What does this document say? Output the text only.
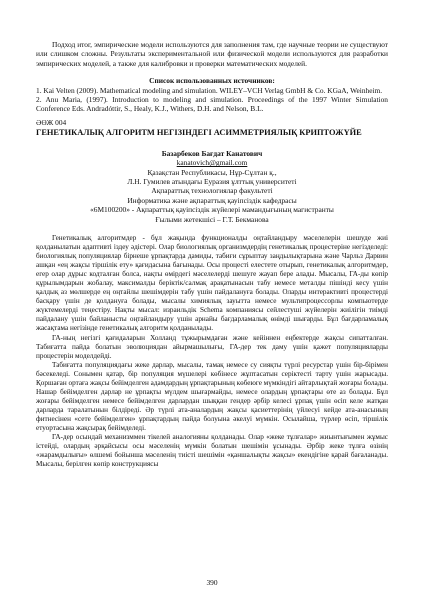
Подход итог, эмпирические модели используются для заполнения там, где научные теории не существуют или слишком сложны. Результаты экспериментальной или физической модели используются для разработки эмпирических моделей, а также для калибровки и проверки математических моделей.

Список использованных источников:

1. Kai Velten (2009). Mathematical modeling and simulation. WILEY–VCH Verlag GmbH & Co. KGaA, Weinheim.

2. Anu Maria, (1997). Introduction to modeling and simulation. Proceedings of the 1997 Winter Simulation Conference Eds. Andradóttir, S., Healy, K.J., Withers, D.H. and Nelson, B.L.

ӘӨЖ 004

ГЕНЕТИКАЛЫҚ АЛГОРИТМ НЕГІЗІНДЕГІ АСИММЕТРИЯЛЫҚ КРИПТОЖҮЙЕ

Базарбеков Бағдат Канатович
kanatovich@gmail.com
Қазақстан Республикасы, Нұр-Сұлтан қ.,
Л.Н. Гумилев атындағы Еуразия ұлттық университеті
Ақпараттық технологиялар факультеті
Информатика және ақпараттық қауіпсіздік кафедрасы
«6М100200» - Ақпараттық қауіпсіздік жүйелері мамандығының магистранты
Ғылыми жетекшісі – Г.Т. Бекманова

Генетикалық алгоритмдер - бұл жақында функционалды оңтайландыру мәселелерін шешуде жиі қолданылатын адаптивті іздеу әдістері. Олар биологиялық организмдердің генетикалық процестеріне негізделеді: биологиялық популяциялар бірнеше ұрпақтарда дамиды, табиғи сұрыптау заңдылықтарына және Чарльз Дарвин ашқан «ең жақсы тіршілік ету» қағидасына бағынады. Осы процесті елестете отырып, генетикалық алгоритмдер, егер олар дұрыс кодталған болса, нақты өмірдегі мәселелерді шешуге жауап бере алады. Мысалы, ГА-ды көпір құрылымдарын жобалау, максималды беріктік/салмақ арақатынасын табу немесе металды пішінді кесу үшін қалдық аз мөлшерде ең оңтайлы шешімдерін табу үшін пайдалануға болады. Оларды интерактивті процестерді басқару үшін де қолдануға болады, мысалы химиялық зауытта немесе мультипроцессорлы компьютерде жүктемелерді теңестіру. Нақты мысал: израильдік Schema компаниясы сейлестуші жүйелерін жиілігін тиімді пайдалану үшін байланысты оңтайландыру үшін арнайы бағдарламалық өнімді шығарды. Бұл бағдарламалық жасақтама негізінде генетикалық алгоритм қолданылады.

ГА-ның негізгі қағидаларын Холланд тұжырымдаған және кейіннен еңбектерде жақсы сипатталған. Табиғатта пайда болатын эволюциядан айырмашылығы, ГА-дер тек даму үшін қажет популяцияларды процестерін моделдейді.

Табиғатта популяциядағы жеке дарлар, мысалы, тамақ немесе су сияқты түрлі ресурстар үшін бір-бірімен бәсекеледі. Сонымен қатар, бір популяция мүшелері көбінесе жұптасатын серіктесті тарту үшін жарысады. Қоршаған ортаға жақсы бейімделген адамдардың ұрпақтарының көбеюге мүмкіндігі айтарлықтай жоғары болады. Нашар бейімделген дарлар не ұрпақты мүлдем шығармайды, немесе олардың ұрпақтары өте аз болады. Бұл жоғары бейімделген немесе бейімделген дарлардан шыққан гендер әрбір келесі ұрпақ үшін өсіп келе жатқан дарларда таралатынын білдіреді. Әр түрлі ата-аналардың жақсы қасиеттерінің үйлесуі кейде ата-анасының фитнесінен «сете бейімделген» ұрпақтардың пайда болуына әкелуі мүмкін. Осылайша, түрлер өсіп, тіршілік етуортасына жақсырақ бейімделеді.

ГА-дер осындай механизммен тікелей аналогияны қолданады. Олар «жеке тұлғалар» жиынтығымен жұмыс істейді, олардың әрқайсысы осы мәселенің мүмкін болатын шешімін ұсынады. Әрбір жеке тұлға өзінің «жарамдылығы» өлшемі бойынша мәселенің тиісті шешімін «қаншалықты жақсы» екендігіне қарай бағаланады. Мысалы, берілген көпір конструкциясы

390
